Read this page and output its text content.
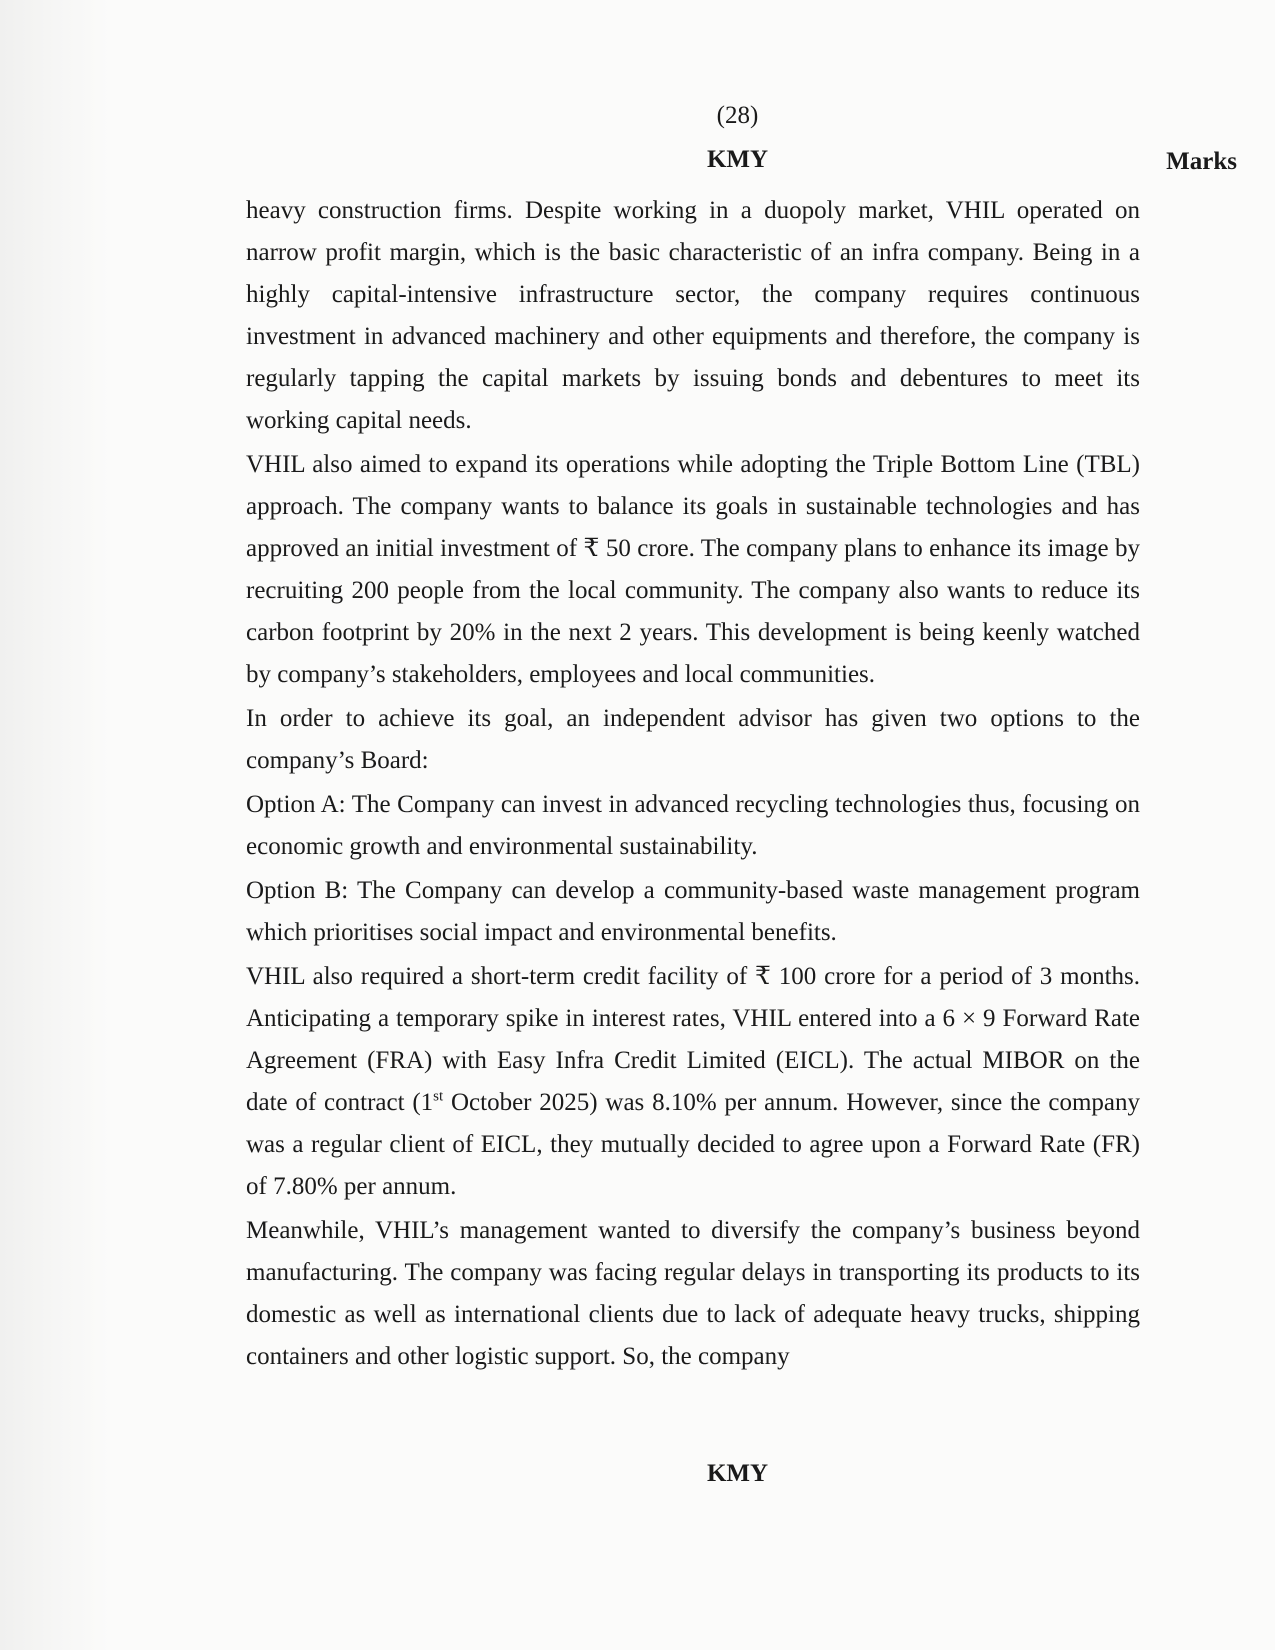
(28)
KMY	Marks

heavy construction firms. Despite working in a duopoly market, VHIL operated on narrow profit margin, which is the basic characteristic of an infra company. Being in a highly capital-intensive infrastructure sector, the company requires continuous investment in advanced machinery and other equipments and therefore, the company is regularly tapping the capital markets by issuing bonds and debentures to meet its working capital needs.

VHIL also aimed to expand its operations while adopting the Triple Bottom Line (TBL) approach. The company wants to balance its goals in sustainable technologies and has approved an initial investment of ₹ 50 crore. The company plans to enhance its image by recruiting 200 people from the local community. The company also wants to reduce its carbon footprint by 20% in the next 2 years. This development is being keenly watched by company’s stakeholders, employees and local communities.

In order to achieve its goal, an independent advisor has given two options to the company’s Board:

Option A: The Company can invest in advanced recycling technologies thus, focusing on economic growth and environmental sustainability.

Option B: The Company can develop a community-based waste management program which prioritises social impact and environmental benefits.

VHIL also required a short-term credit facility of ₹ 100 crore for a period of 3 months. Anticipating a temporary spike in interest rates, VHIL entered into a 6 × 9 Forward Rate Agreement (FRA) with Easy Infra Credit Limited (EICL). The actual MIBOR on the date of contract (1st October 2025) was 8.10% per annum. However, since the company was a regular client of EICL, they mutually decided to agree upon a Forward Rate (FR) of 7.80% per annum.

Meanwhile, VHIL’s management wanted to diversify the company’s business beyond manufacturing. The company was facing regular delays in transporting its products to its domestic as well as international clients due to lack of adequate heavy trucks, shipping containers and other logistic support. So, the company

KMY
